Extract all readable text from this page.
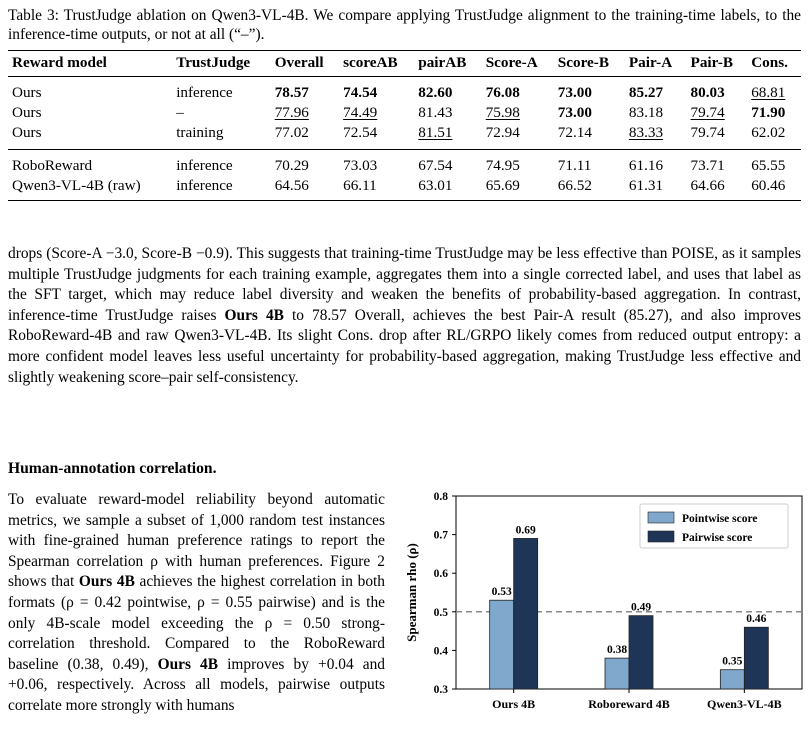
Table 3: TrustJudge ablation on Qwen3-VL-4B. We compare applying TrustJudge alignment to the training-time labels, to the inference-time outputs, or not at all (“–”).
Reward model	TrustJudge	Overall	scoreAB	pairAB	Score-A	Score-B	Pair-A	Pair-B	Cons.
Ours	inference	78.57	74.54	82.60	76.08	73.00	85.27	80.03	68.81
Ours	–	77.96	74.49	81.43	75.98	73.00	83.18	79.74	71.90
Ours	training	77.02	72.54	81.51	72.94	72.14	83.33	79.74	62.02
RoboReward	inference	70.29	73.03	67.54	74.95	71.11	61.16	73.71	65.55
Qwen3-VL-4B (raw)	inference	64.56	66.11	63.01	65.69	66.52	61.31	64.66	60.46

drops (Score-A −3.0, Score-B −0.9). This suggests that training-time TrustJudge may be less effective than POISE, as it samples multiple TrustJudge judgments for each training example, aggregates them into a single corrected label, and uses that label as the SFT target, which may reduce label diversity and weaken the benefits of probability-based aggregation. In contrast, inference-time TrustJudge raises Ours 4B to 78.57 Overall, achieves the best Pair-A result (85.27), and also improves RoboReward-4B and raw Qwen3-VL-4B. Its slight Cons. drop after RL/GRPO likely comes from reduced output entropy: a more confident model leaves less useful uncertainty for probability-based aggregation, making TrustJudge less effective and slightly weakening score–pair self-consistency.

Human-annotation correlation.

To evaluate reward-model reliability beyond automatic metrics, we sample a subset of 1,000 random test instances with fine-grained human preference ratings to report the Spearman correlation ρ with human preferences. Figure 2 shows that Ours 4B achieves the highest correlation in both formats (ρ = 0.42 pointwise, ρ = 0.55 pairwise) and is the only 4B-scale model exceeding the ρ = 0.50 strong-correlation threshold. Compared to the RoboReward baseline (0.38, 0.49), Ours 4B improves by +0.04 and +0.06, respectively. Across all models, pairwise outputs correlate more strongly with humans

0.3
0.4
0.5
0.6
0.7
0.8
Spearman rho (ρ)	0.53
0.69
Ours 4B
0.38
0.49
Roboreward 4B
0.35
0.46
Qwen3-VL-4B
Pointwise score
Pairwise score
